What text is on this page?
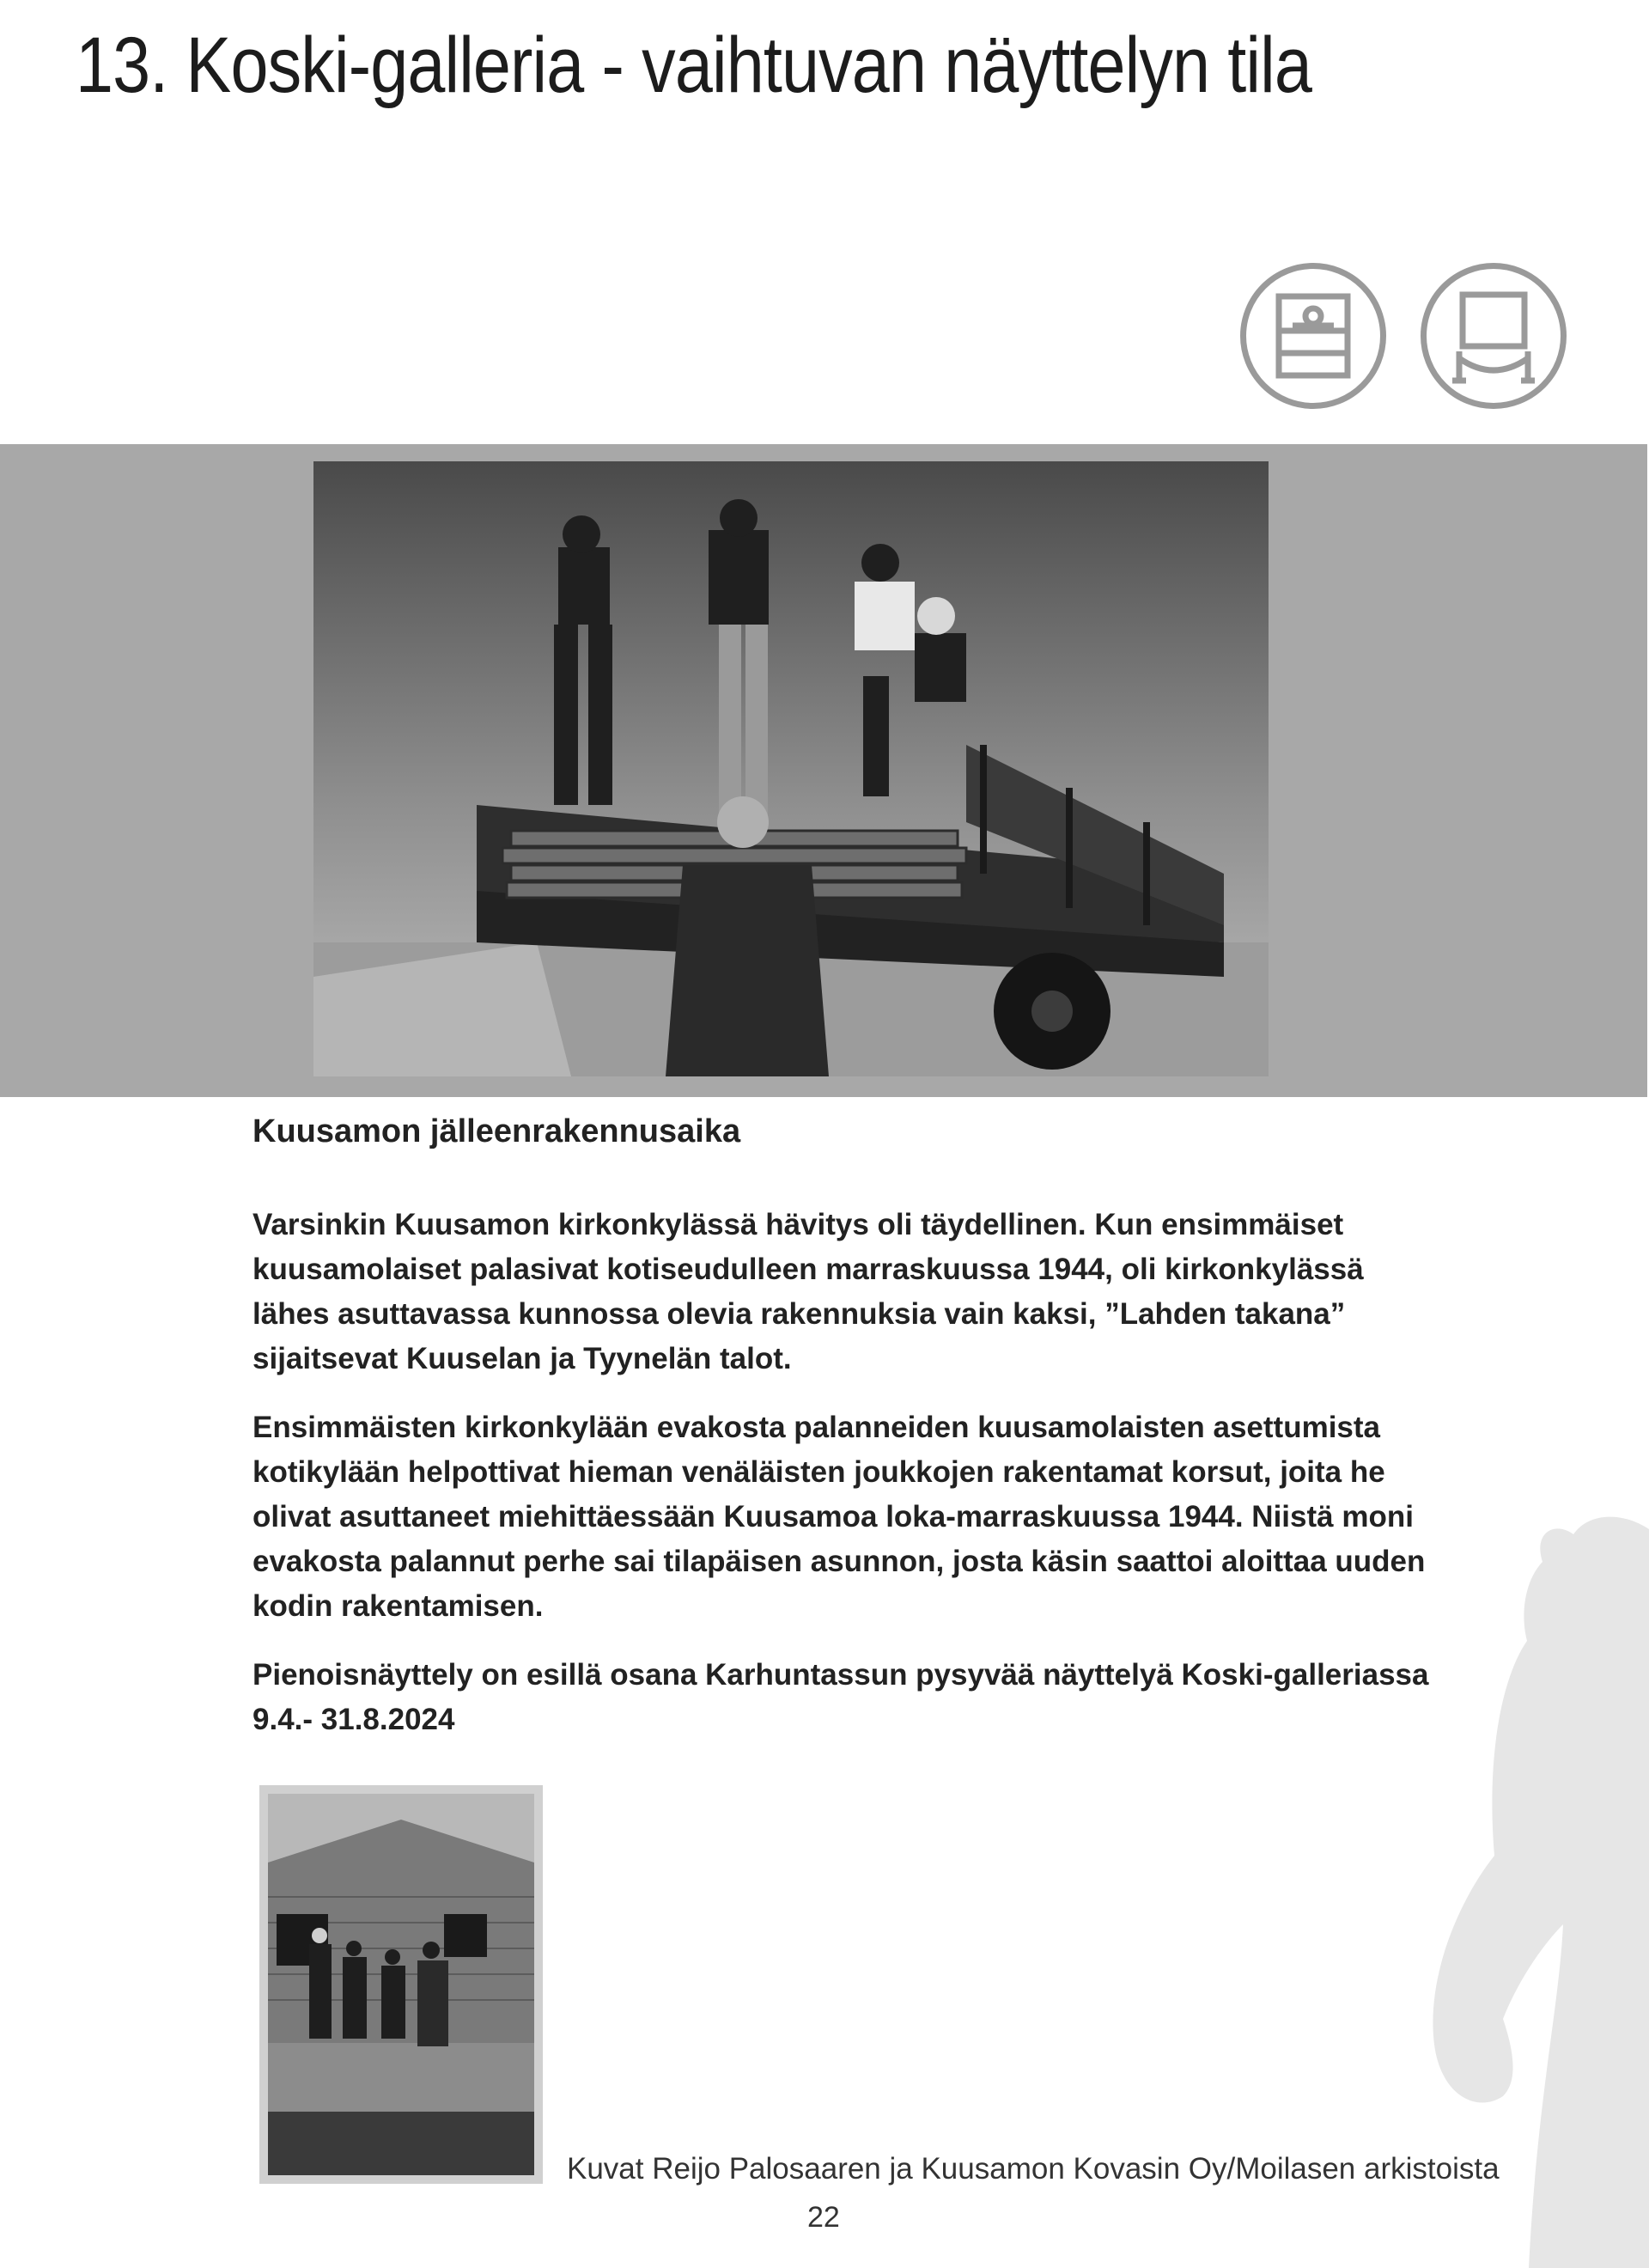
13. Koski-galleria - vaihtuvan näyttelyn tila
Kuusamon jälleenrakennusaika

Varsinkin Kuusamon kirkonkylässä hävitys oli täydellinen. Kun ensimmäiset kuusamolaiset palasivat kotiseudulleen marraskuussa 1944, oli kirkonkylässä lähes asuttavassa kunnossa olevia rakennuksia vain kaksi, ”Lahden takana” sijaitsevat Kuuselan ja Tyynelän talot.

Ensimmäisten kirkonkylään evakosta palanneiden kuusamolaisten asettumista kotikylään helpottivat hieman venäläisten joukkojen rakentamat korsut, joita he olivat asuttaneet miehittäessään Kuusamoa loka-marraskuussa 1944. Niistä moni evakosta palannut perhe sai tilapäisen asunnon, josta käsin saattoi aloittaa uuden kodin rakentamisen.

Pienoisnäyttely on esillä osana Karhuntassun pysyvää näyttelyä Koski-galleriassa 9.4.- 31.8.2024

Kuvat Reijo Palosaaren ja Kuusamon Kovasin Oy/Moilasen arkistoista
22
